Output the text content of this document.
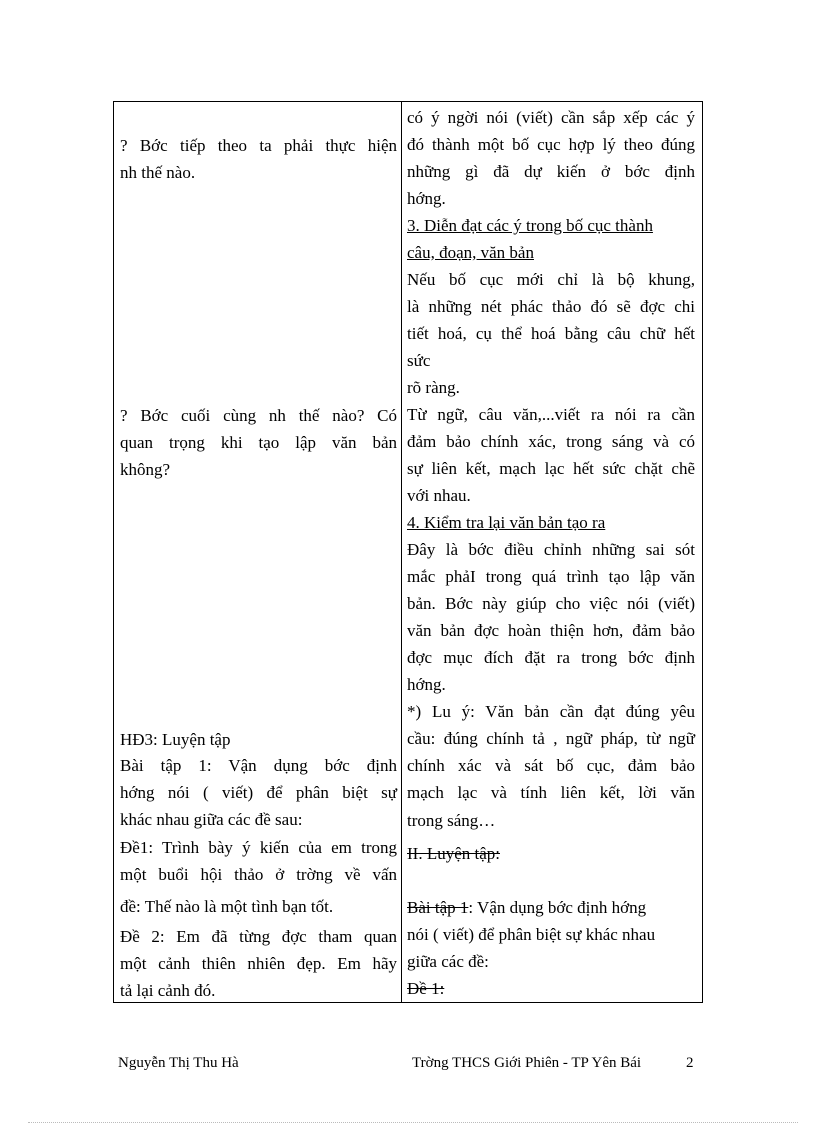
? Bớc tiếp theo ta phải thực hiện
nh thế nào.
? Bớc cuối cùng nh thế nào? Có
quan trọng khi tạo lập văn bản
không?
HĐ3: Luyện tập
Bài tập 1: Vận dụng bớc định
hớng nói ( viết) để phân biệt sự
khác nhau giữa các đề sau:
Đề1: Trình bày ý kiến của em trong
một buổi hội thảo ở trờng về vấn
đề: Thế nào là một tình bạn tốt.
Đề 2: Em đã từng đợc tham quan
một cảnh thiên nhiên đẹp. Em hãy
tả lại cảnh đó.
có ý ngời nói (viết) cần sắp xếp các ý
đó thành một bố cục hợp lý theo đúng
những gì đã dự kiến ở bớc định
hớng.
3. Diễn đạt các ý trong bố cục thành
câu, đoạn, văn bản
Nếu bố cục mới chỉ là bộ khung,
là những nét phác thảo đó sẽ đợc chi
tiết hoá, cụ thể hoá bằng câu chữ hết
sức
rõ ràng.
Từ ngữ, câu văn,...viết ra nói ra cần
đảm bảo chính xác, trong sáng và có
sự liên kết, mạch lạc hết sức chặt chẽ
với nhau.
4. Kiểm tra lại văn bản tạo ra
Đây là bớc điều chỉnh những sai sót
mắc phảI trong quá trình tạo lập văn
bản. Bớc này giúp cho việc nói (viết)
văn bản đợc hoàn thiện hơn, đảm bảo
đợc mục đích đặt ra trong bớc định
hớng.
*) Lu ý: Văn bản cần đạt đúng yêu
cầu: đúng chính tả , ngữ pháp, từ ngữ
chính xác và sát bố cục, đảm bảo
mạch lạc và tính liên kết, lời văn
trong sáng…
II. Luyện tập:
Bài tập 1: Vận dụng bớc định hớng
nói ( viết) để phân biệt sự khác nhau
giữa các đề:
Đề 1:
Nguyễn Thị Thu Hà	Trờng THCS Giới Phiên - TP Yên Bái	2
